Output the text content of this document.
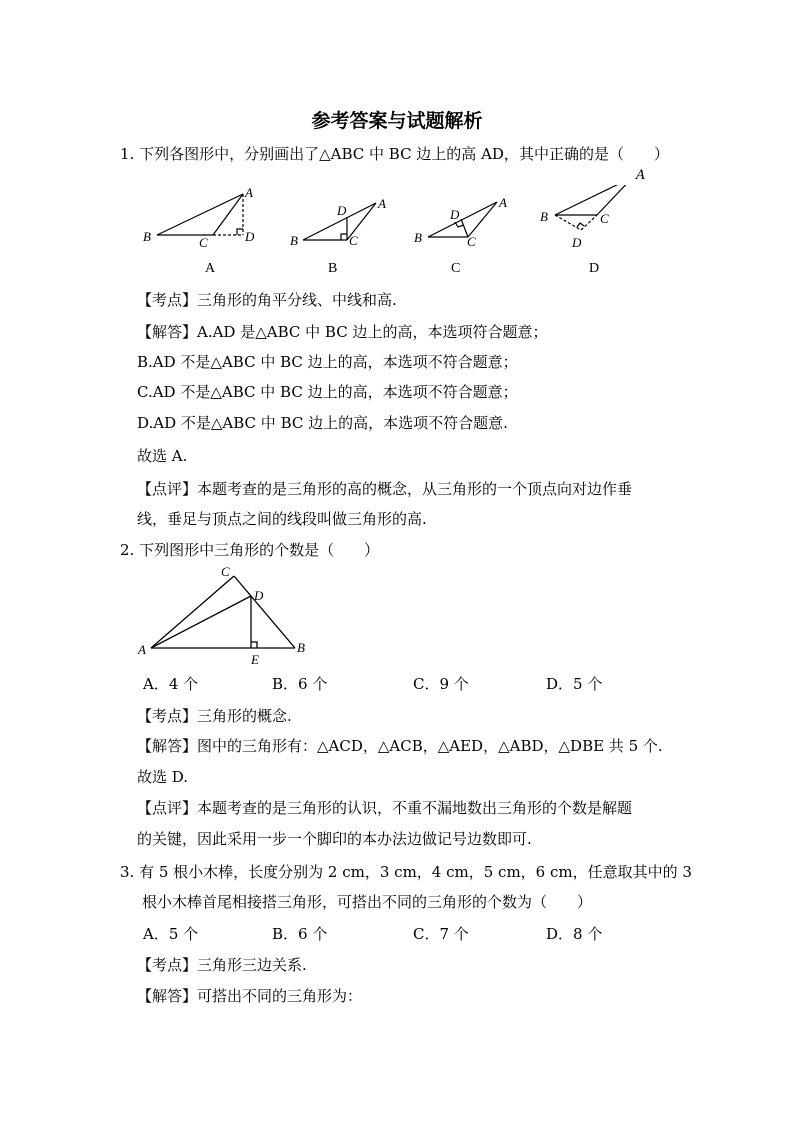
参考答案与试题解析
1. 下列各图形中，分别画出了△ABC 中 BC 边上的高 AD，其中正确的是（　　）
A
B	C	D
A
B	C
D
A
B	C
D	B	C
D
A	B	C	D
A
【考点】三角形的角平分线、中线和高.
【解答】A.AD 是△ABC 中 BC 边上的高，本选项符合题意；
B.AD 不是△ABC 中 BC 边上的高，本选项不符合题意；
C.AD 不是△ABC 中 BC 边上的高，本选项不符合题意；
D.AD 不是△ABC 中 BC 边上的高，本选项不符合题意.
故选 A.
【点评】本题考查的是三角形的高的概念，从三角形的一个顶点向对边作垂
线，垂足与顶点之间的线段叫做三角形的高.
2. 下列图形中三角形的个数是（　　）
C
D
A	B
E
A．4 个	B．6 个	C．9 个	D．5 个
【考点】三角形的概念.
【解答】图中的三角形有：△ACD，△ACB，△AED，△ABD，△DBE 共 5 个.
故选 D.
【点评】本题考查的是三角形的认识，不重不漏地数出三角形的个数是解题
的关键，因此采用一步一个脚印的本办法边做记号边数即可.
3. 有 5 根小木棒，长度分别为 2 cm，3 cm，4 cm，5 cm，6 cm，任意取其中的 3
根小木棒首尾相接搭三角形，可搭出不同的三角形的个数为（　　）
A．5 个	B．6 个	C．7 个	D．8 个
【考点】三角形三边关系.
【解答】可搭出不同的三角形为：
